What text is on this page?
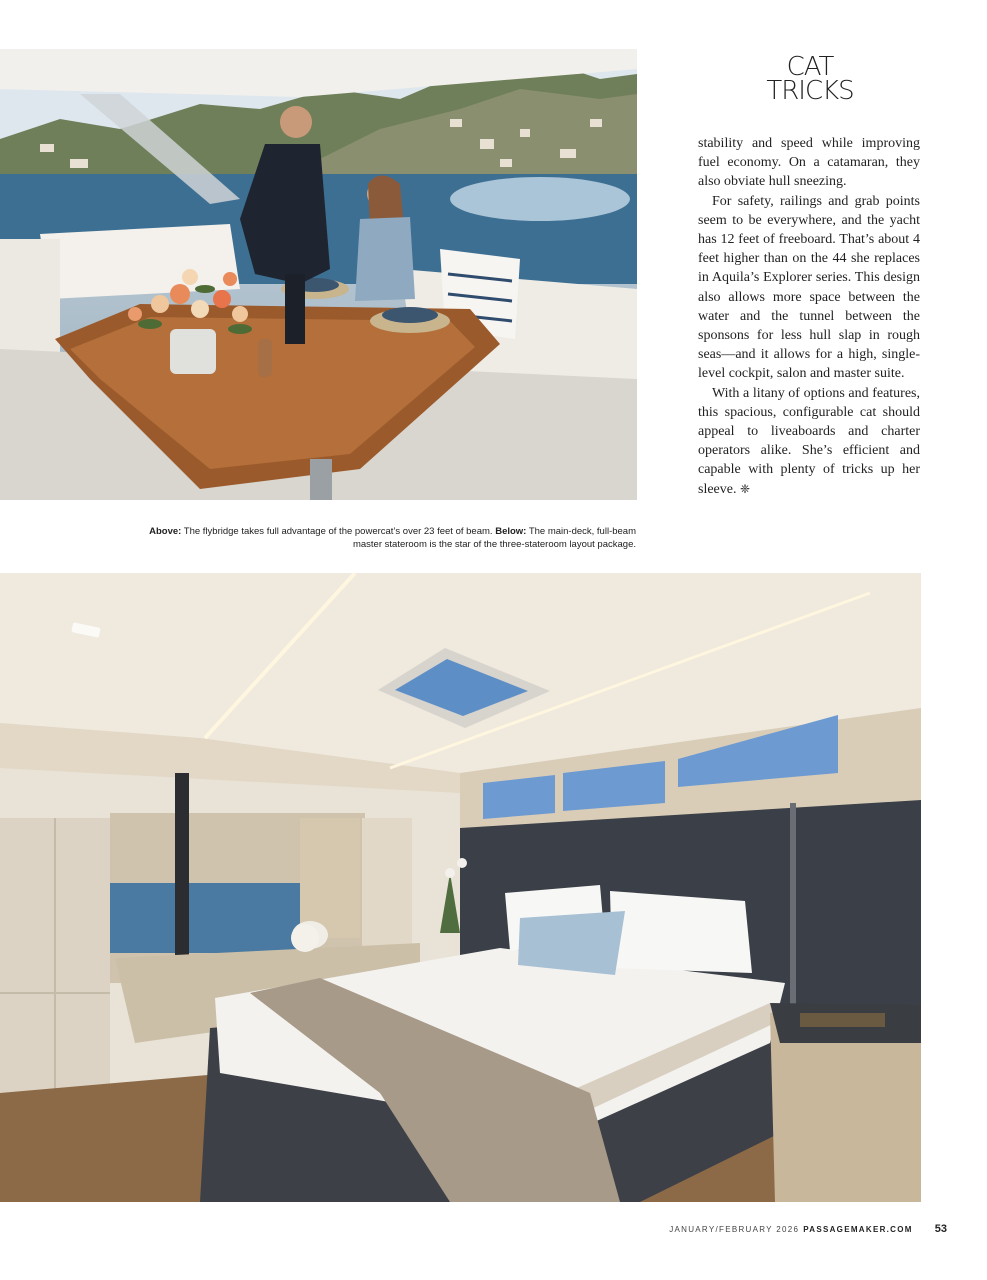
Above: The flybridge takes full advantage of the powercat’s over 23 feet of beam. Below: The main-deck, full-beam master stateroom is the star of the three-stateroom layout package.
CAT
TRICKS

stability and speed while improving fuel economy. On a catamaran, they also obviate hull sneezing.

For safety, railings and grab points seem to be everywhere, and the yacht has 12 feet of freeboard. That’s about 4 feet higher than on the 44 she replaces in Aquila’s Explorer series. This design also allows more space between the water and the tunnel between the sponsons for less hull slap in rough seas—and it allows for a high, single-level cockpit, salon and master suite.

With a litany of options and features, this spacious, configurable cat should appeal to liveaboards and charter operators alike. She’s efficient and capable with plenty of tricks up her sleeve. ❈

JANUARY/FEBRUARY 2026 PASSAGEMAKER.COM 53
